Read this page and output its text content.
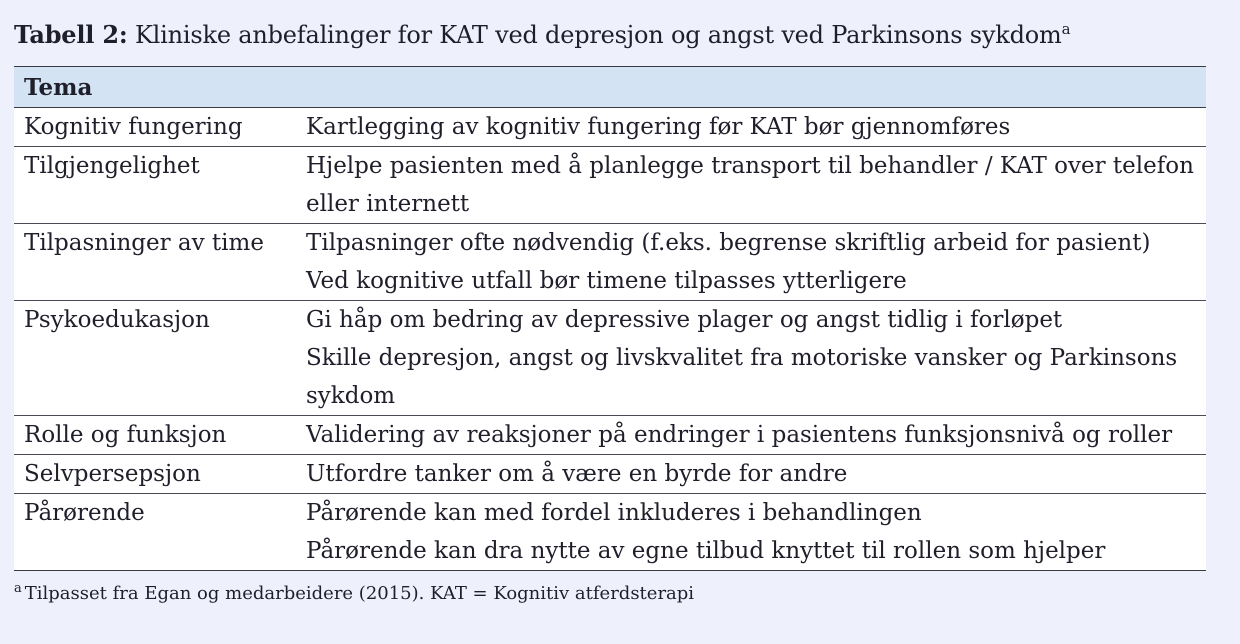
Tabell 2: Kliniske anbefalinger for KAT ved depresjon og angst ved Parkinsons sykdom$^a$
Tema	
Kognitiv fungering	Kartlegging av kognitiv fungering før KAT bør gjennomføres

Tilgjengelighet	Hjelpe pasienten med å planlegge transport til behandler / KAT over telefon eller internett

Tilpasninger av time	Tilpasninger ofte nødvendig (f.eks. begrense skriftlig arbeid for pasient)
Ved kognitive utfall bør timene tilpasses ytterligere

Psykoedukasjon	Gi håp om bedring av depressive plager og angst tidlig i forløpet
Skille depresjon, angst og livskvalitet fra motoriske vansker og Parkinsons sykdom

Rolle og funksjon	Validering av reaksjoner på endringer i pasientens funksjonsnivå og roller

Selvpersepsjon	Utfordre tanker om å være en byrde for andre

Pårørende	Pårørende kan med fordel inkluderes i behandlingen
Pårørende kan dra nytte av egne tilbud knyttet til rollen som hjelper
$^a$ Tilpasset fra Egan og medarbeidere (2015). KAT = Kognitiv atferdsterapi
